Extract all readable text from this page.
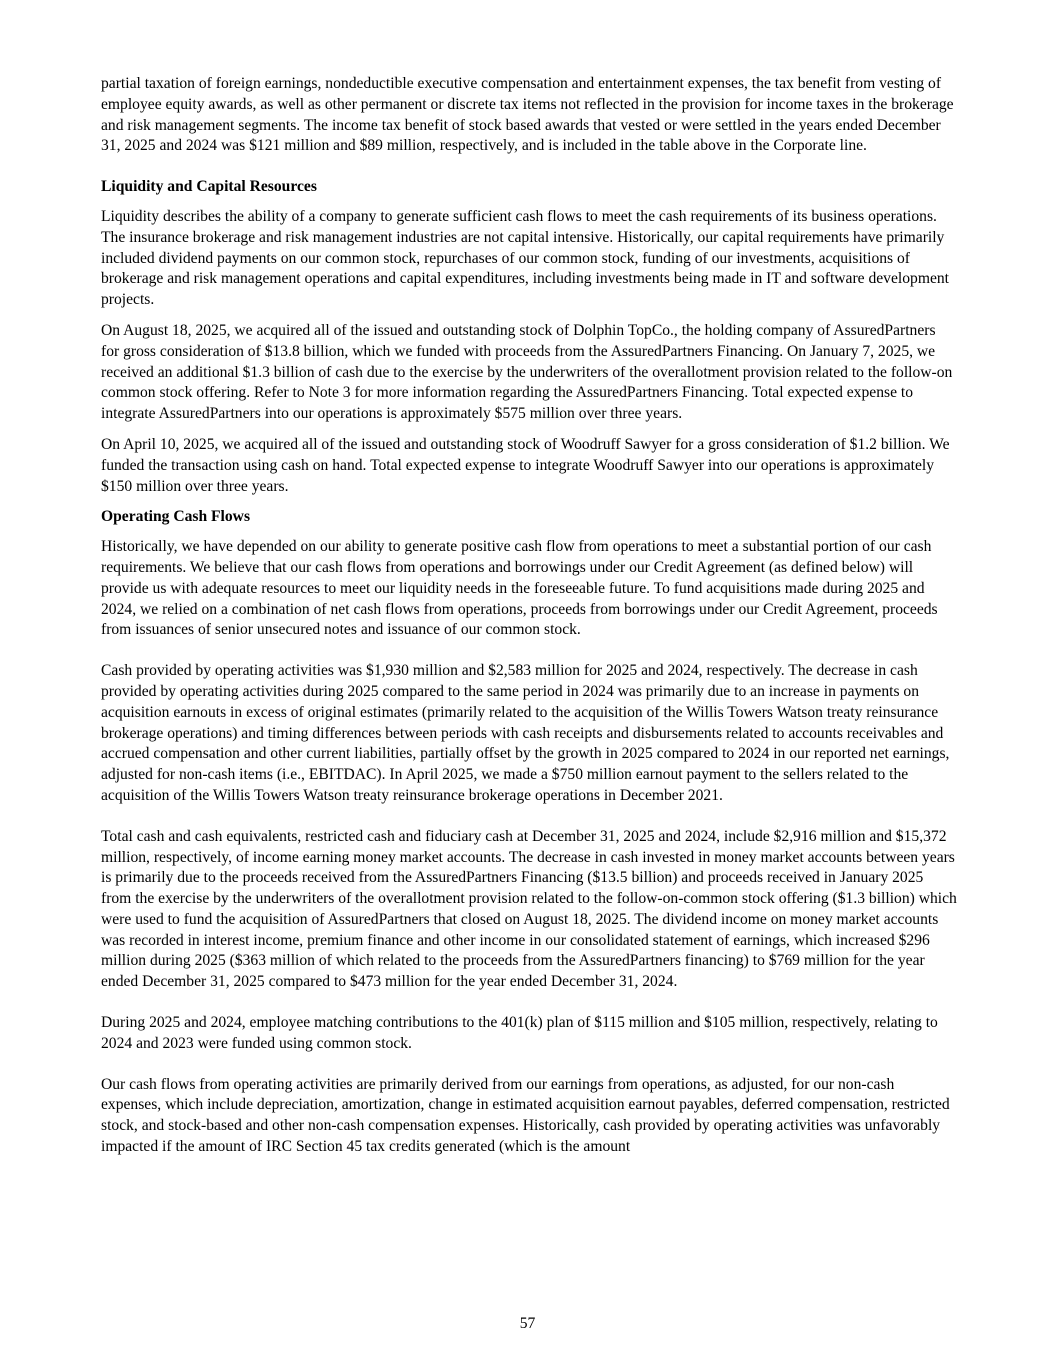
partial taxation of foreign earnings, nondeductible executive compensation and entertainment expenses, the tax benefit from vesting of employee equity awards, as well as other permanent or discrete tax items not reflected in the provision for income taxes in the brokerage and risk management segments. The income tax benefit of stock based awards that vested or were settled in the years ended December 31, 2025 and 2024 was $121 million and $89 million, respectively, and is included in the table above in the Corporate line.

Liquidity and Capital Resources

Liquidity describes the ability of a company to generate sufficient cash flows to meet the cash requirements of its business operations. The insurance brokerage and risk management industries are not capital intensive. Historically, our capital requirements have primarily included dividend payments on our common stock, repurchases of our common stock, funding of our investments, acquisitions of brokerage and risk management operations and capital expenditures, including investments being made in IT and software development projects.

On August 18, 2025, we acquired all of the issued and outstanding stock of Dolphin TopCo., the holding company of AssuredPartners for gross consideration of $13.8 billion, which we funded with proceeds from the AssuredPartners Financing. On January 7, 2025, we received an additional $1.3 billion of cash due to the exercise by the underwriters of the overallotment provision related to the follow-on common stock offering. Refer to Note 3 for more information regarding the AssuredPartners Financing. Total expected expense to integrate AssuredPartners into our operations is approximately $575 million over three years.

On April 10, 2025, we acquired all of the issued and outstanding stock of Woodruff Sawyer for a gross consideration of $1.2 billion. We funded the transaction using cash on hand. Total expected expense to integrate Woodruff Sawyer into our operations is approximately $150 million over three years.

Operating Cash Flows

Historically, we have depended on our ability to generate positive cash flow from operations to meet a substantial portion of our cash requirements. We believe that our cash flows from operations and borrowings under our Credit Agreement (as defined below) will provide us with adequate resources to meet our liquidity needs in the foreseeable future. To fund acquisitions made during 2025 and 2024, we relied on a combination of net cash flows from operations, proceeds from borrowings under our Credit Agreement, proceeds from issuances of senior unsecured notes and issuance of our common stock.

Cash provided by operating activities was $1,930 million and $2,583 million for 2025 and 2024, respectively. The decrease in cash provided by operating activities during 2025 compared to the same period in 2024 was primarily due to an increase in payments on acquisition earnouts in excess of original estimates (primarily related to the acquisition of the Willis Towers Watson treaty reinsurance brokerage operations) and timing differences between periods with cash receipts and disbursements related to accounts receivables and accrued compensation and other current liabilities, partially offset by the growth in 2025 compared to 2024 in our reported net earnings, adjusted for non-cash items (i.e., EBITDAC). In April 2025, we made a $750 million earnout payment to the sellers related to the acquisition of the Willis Towers Watson treaty reinsurance brokerage operations in December 2021.

Total cash and cash equivalents, restricted cash and fiduciary cash at December 31, 2025 and 2024, include $2,916 million and $15,372 million, respectively, of income earning money market accounts. The decrease in cash invested in money market accounts between years is primarily due to the proceeds received from the AssuredPartners Financing ($13.5 billion) and proceeds received in January 2025 from the exercise by the underwriters of the overallotment provision related to the follow-on-common stock offering ($1.3 billion) which were used to fund the acquisition of AssuredPartners that closed on August 18, 2025. The dividend income on money market accounts was recorded in interest income, premium finance and other income in our consolidated statement of earnings, which increased $296 million during 2025 ($363 million of which related to the proceeds from the AssuredPartners financing) to $769 million for the year ended December 31, 2025 compared to $473 million for the year ended December 31, 2024.

During 2025 and 2024, employee matching contributions to the 401(k) plan of $115 million and $105 million, respectively, relating to 2024 and 2023 were funded using common stock.

Our cash flows from operating activities are primarily derived from our earnings from operations, as adjusted, for our non-cash expenses, which include depreciation, amortization, change in estimated acquisition earnout payables, deferred compensation, restricted stock, and stock-based and other non-cash compensation expenses. Historically, cash provided by operating activities was unfavorably impacted if the amount of IRC Section 45 tax credits generated (which is the amount

57
